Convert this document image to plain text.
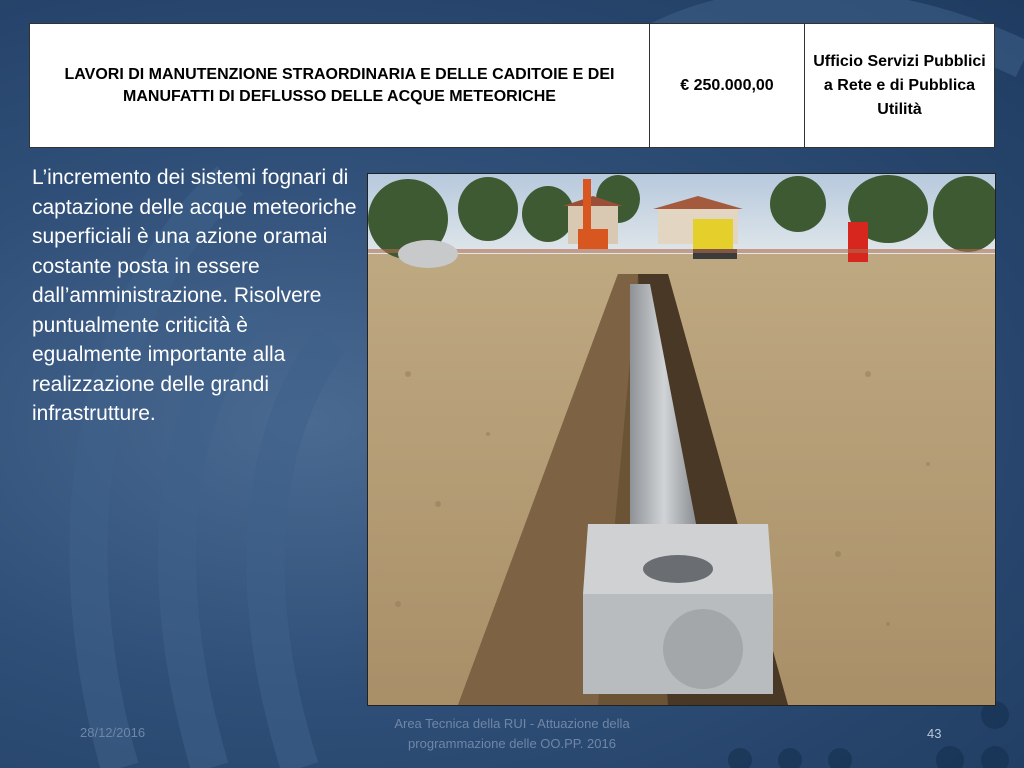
LAVORI DI MANUTENZIONE STRAORDINARIA E DELLE CADITOIE E DEI MANUFATTI DI DEFLUSSO DELLE ACQUE METEORICHE
€ 250.000,00
Ufficio Servizi Pubblici a Rete e di Pubblica Utilità

L’incremento dei sistemi fognari di captazione delle acque meteoriche superficiali è una azione oramai costante posta in essere dall’amministrazione. Risolvere puntualmente criticità è egualmente importante alla realizzazione delle grandi infrastrutture.

28/12/2016
Area Tecnica della RUI - Attuazione della
programmazione delle OO.PP. 2016
43
